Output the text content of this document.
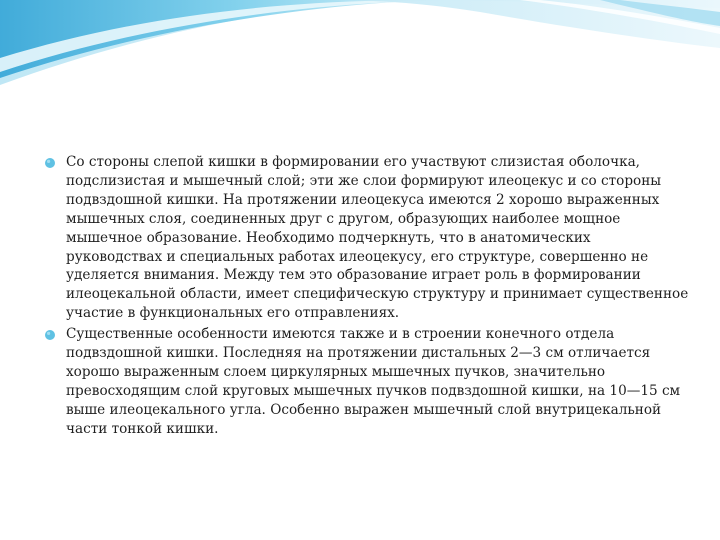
Со стороны слепой кишки в формировании его участвуют слизистая оболочка, подслизистая и мышечный слой; эти же слои формируют илеоцекус и со стороны подвздошной кишки. На протяжении илеоцекуса имеются 2 хорошо выраженных мышечных слоя, соединенных друг с другом, образующих наиболее мощное мышечное образование. Необходимо подчеркнуть, что в анатомических руководствах и специальных работах илеоцекусу, его структуре, совершенно не уделяется внимания. Между тем это образование играет роль в формировании илеоцекальной области, имеет специфическую структуру и принимает существенное участие в функциональных его отправлениях.
Существенные особенности имеются также и в строении конечного отдела подвздошной кишки. Последняя на протяжении дистальных 2—3 см отличается хорошо выраженным слоем циркулярных мышечных пучков, значительно превосходящим слой круговых мышечных пучков подвздошной кишки, на 10—15 см выше илеоцекального угла. Особенно выражен мышечный слой внутрицекальной части тонкой кишки.
